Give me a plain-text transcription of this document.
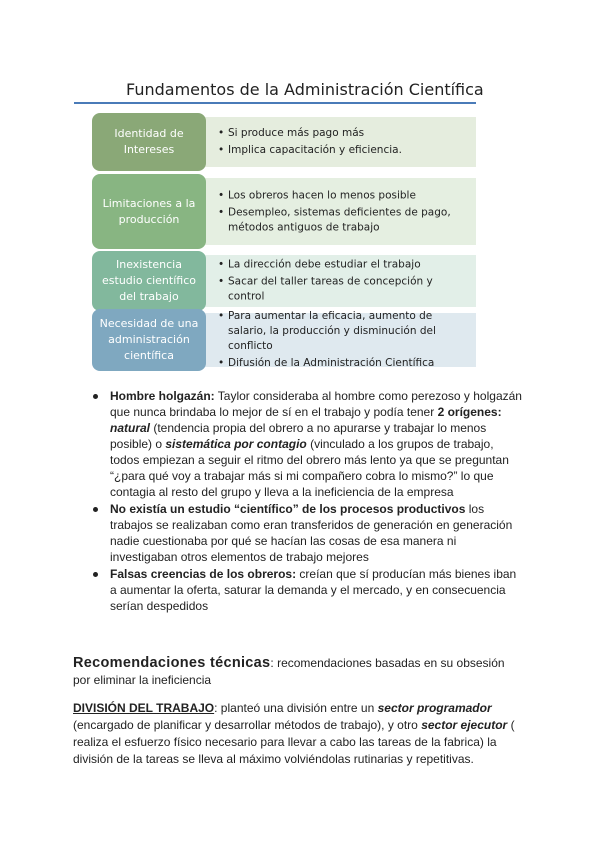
Fundamentos de la Administración Científica
Identidad de Intereses
• Si produce más pago más
• Implica capacitación y eficiencia.
Limitaciones a la producción
• Los obreros hacen lo menos posible
• Desempleo, sistemas deficientes de pago, métodos antiguos de trabajo
Inexistencia estudio científico del trabajo
• La dirección debe estudiar el trabajo
• Sacar del taller tareas de concepción y control
Necesidad de una administración científica
• Para aumentar la eficacia, aumento de salario, la producción y disminución del conflicto
• Difusión de la Administración Científica
Hombre holgazán: Taylor consideraba al hombre como perezoso y holgazán que nunca brindaba lo mejor de sí en el trabajo y podía tener 2 orígenes: natural (tendencia propia del obrero a no apurarse y trabajar lo menos posible) o sistemática por contagio (vinculado a los grupos de trabajo, todos empiezan a seguir el ritmo del obrero más lento ya que se preguntan “¿para qué voy a trabajar más si mi compañero cobra lo mismo?” lo que contagia al resto del grupo y lleva a la ineficiencia de la empresa
No existía un estudio “científico” de los procesos productivos los trabajos se realizaban como eran transferidos de generación en generación nadie cuestionaba por qué se hacían las cosas de esa manera ni investigaban otros elementos de trabajo mejores
Falsas creencias de los obreros: creían que sí producían más bienes iban a aumentar la oferta, saturar la demanda y el mercado, y en consecuencia serían despedidos
Recomendaciones técnicas: recomendaciones basadas en su obsesión por eliminar la ineficiencia
DIVISIÓN DEL TRABAJO: planteó una división entre un sector programador (encargado de planificar y desarrollar métodos de trabajo), y otro sector ejecutor ( realiza el esfuerzo físico necesario para llevar a cabo las tareas de la fabrica) la división de la tareas se lleva al máximo volviéndolas rutinarias y repetitivas.
